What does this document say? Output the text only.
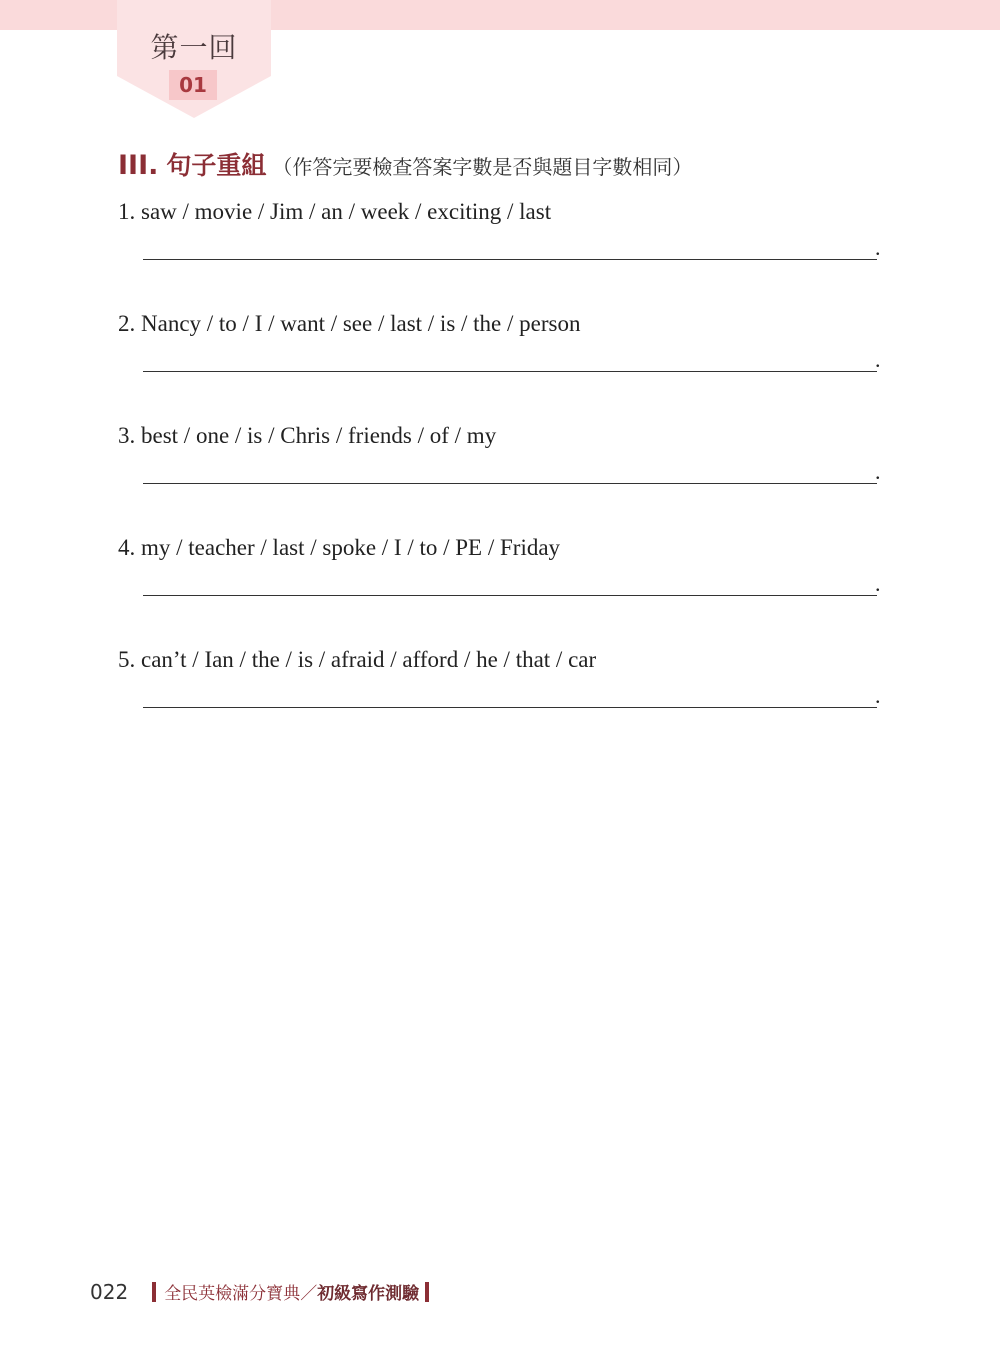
第一回
01
III. 句子重組 （作答完要檢查答案字數是否與題目字數相同）
1. saw / movie / Jim / an / week / exciting / last
.
2. Nancy / to / I / want / see / last / is / the / person
.
3. best / one / is / Chris / friends / of / my
.
4. my / teacher / last / spoke / I / to / PE / Friday
.
5. can’t / Ian / the / is / afraid / afford / he / that / car
.
022 全民英檢滿分寶典 ／ 初級寫作測驗
